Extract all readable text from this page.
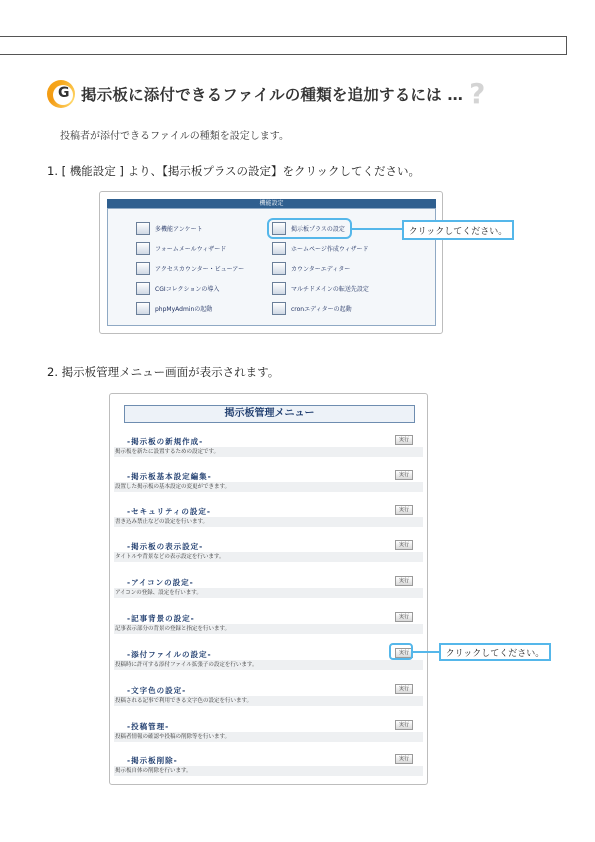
G 掲示板に添付できるファイルの種類を追加するには … ?
投稿者が添付できるファイルの種類を設定します。
1. [ 機能設定 ] より、【掲示板プラスの設定】をクリックしてください。
機能設定
多機能アンケート
フォームメールウィザード
アクセスカウンター・ビューアー
CGIコレクションの導入
phpMyAdminの起動
掲示板プラスの設定
ホームページ作成ウィザード
カウンターエディター
マルチドメインの転送先設定
cronエディターの起動
クリックしてください。
2. 掲示板管理メニュー画面が表示されます。
掲示板管理メニュー
-掲示板の新規作成-	実行
掲示板を新たに設置するための設定です。
-掲示板基本設定編集-	実行
設置した掲示板の基本設定の変更ができます。
-セキュリティの設定-	実行
書き込み禁止などの設定を行います。
-掲示板の表示設定-	実行
タイトルや背景などの表示設定を行います。
-アイコンの設定-	実行
アイコンの登録、設定を行います。
-記事背景の設定-	実行
記事表示部分の背景の登録と指定を行います。
-添付ファイルの設定-	実行
投稿時に許可する添付ファイル拡張子の設定を行います。
-文字色の設定-	実行
投稿される記事で利用できる文字色の設定を行います。
-投稿管理-	実行
投稿者情報の確認や投稿の削除等を行います。
-掲示板削除-	実行
掲示板自体の削除を行います。
クリックしてください。
